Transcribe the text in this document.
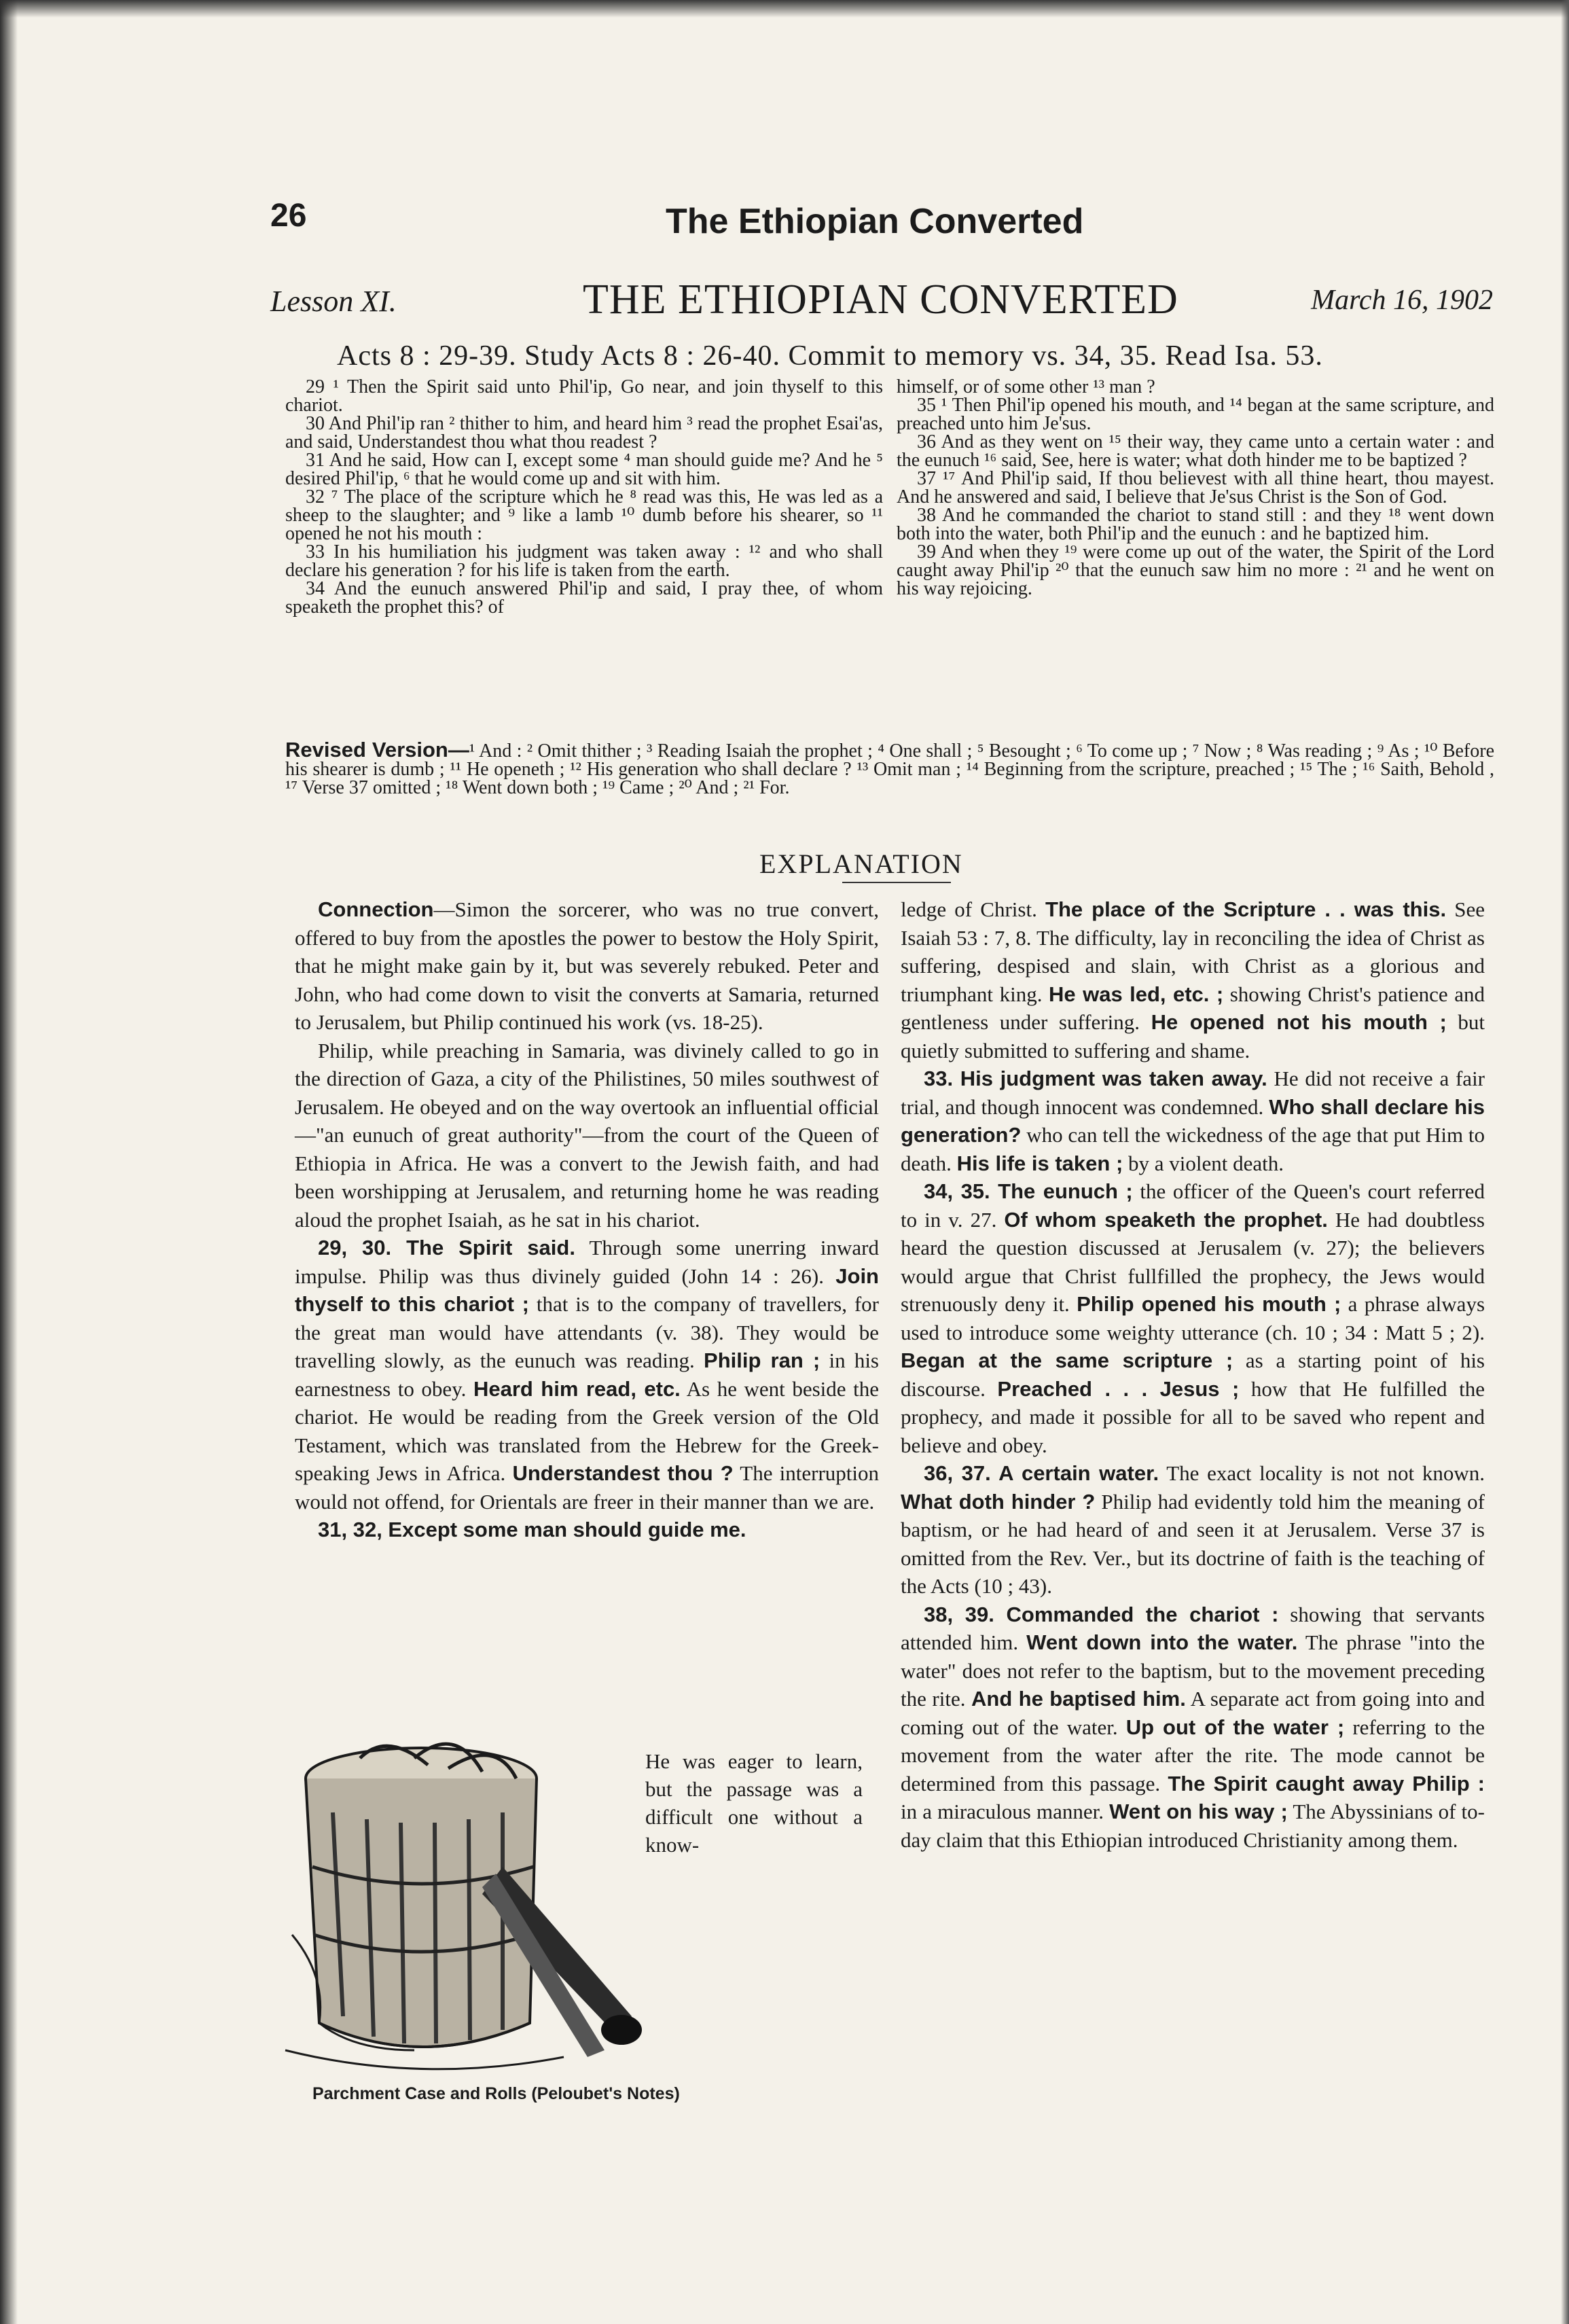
26	The Ethiopian Converted
Lesson XI.	THE ETHIOPIAN CONVERTED	March 16, 1902
Acts 8 : 29-39. Study Acts 8 : 26-40. Commit to memory vs. 34, 35. Read Isa. 53.

29 ¹ Then the Spirit said unto Phil'ip, Go near, and join thyself to this chariot.

30 And Phil'ip ran ² thither to him, and heard him ³ read the prophet Esai'as, and said, Understandest thou what thou readest ?

31 And he said, How can I, except some ⁴ man should guide me? And he ⁵ desired Phil'ip, ⁶ that he would come up and sit with him.

32 ⁷ The place of the scripture which he ⁸ read was this, He was led as a sheep to the slaughter; and ⁹ like a lamb ¹⁰ dumb before his shearer, so ¹¹ opened he not his mouth :

33 In his humiliation his judgment was taken away : ¹² and who shall declare his generation ? for his life is taken from the earth.

34 And the eunuch answered Phil'ip and said, I pray thee, of whom speaketh the prophet this? of

himself, or of some other ¹³ man ?

35 ¹ Then Phil'ip opened his mouth, and ¹⁴ began at the same scripture, and preached unto him Je'sus.

36 And as they went on ¹⁵ their way, they came unto a certain water : and the eunuch ¹⁶ said, See, here is water; what doth hinder me to be baptized ?

37 ¹⁷ And Phil'ip said, If thou believest with all thine heart, thou mayest. And he answered and said, I believe that Je'sus Christ is the Son of God.

38 And he commanded the chariot to stand still : and they ¹⁸ went down both into the water, both Phil'ip and the eunuch : and he baptized him.

39 And when they ¹⁹ were come up out of the water, the Spirit of the Lord caught away Phil'ip ²⁰ that the eunuch saw him no more : ²¹ and he went on his way rejoicing.

Revised Version—¹ And : ² Omit thither ; ³ Reading Isaiah the prophet ; ⁴ One shall ; ⁵ Besought ; ⁶ To come up ; ⁷ Now ; ⁸ Was reading ; ⁹ As ; ¹⁰ Before his shearer is dumb ; ¹¹ He openeth ; ¹² His generation who shall declare ? ¹³ Omit man ; ¹⁴ Beginning from the scripture, preached ; ¹⁵ The ; ¹⁶ Saith, Behold , ¹⁷ Verse 37 omitted ; ¹⁸ Went down both ; ¹⁹ Came ; ²⁰ And ; ²¹ For.
EXPLANATION

Connection—Simon the sorcerer, who was no true convert, offered to buy from the apostles the power to bestow the Holy Spirit, that he might make gain by it, but was severely rebuked. Peter and John, who had come down to visit the converts at Samaria, returned to Jerusalem, but Philip continued his work (vs. 18-25).

Philip, while preaching in Samaria, was divinely called to go in the direction of Gaza, a city of the Philistines, 50 miles southwest of Jerusalem. He obeyed and on the way overtook an influential official—"an eunuch of great authority"—from the court of the Queen of Ethiopia in Africa. He was a convert to the Jewish faith, and had been worshipping at Jerusalem, and returning home he was reading aloud the prophet Isaiah, as he sat in his chariot.

29, 30. The Spirit said. Through some unerring inward impulse. Philip was thus divinely guided (John 14 : 26). Join thyself to this chariot ; that is to the company of travellers, for the great man would have attendants (v. 38). They would be travelling slowly, as the eunuch was reading. Philip ran ; in his earnestness to obey. Heard him read, etc. As he went beside the chariot. He would be reading from the Greek version of the Old Testament, which was translated from the Hebrew for the Greek-speaking Jews in Africa. Understandest thou ? The interruption would not offend, for Orientals are freer in their manner than we are.

31, 32, Except some man should guide me.

He was eager to learn, but the passage was a difficult one without a know-
Parchment Case and Rolls (Peloubet's Notes)

ledge of Christ. The place of the Scripture . . was this. See Isaiah 53 : 7, 8. The difficulty, lay in reconciling the idea of Christ as suffering, despised and slain, with Christ as a glorious and triumphant king. He was led, etc. ; showing Christ's patience and gentleness under suffering. He opened not his mouth ; but quietly submitted to suffering and shame.

33. His judgment was taken away. He did not receive a fair trial, and though innocent was condemned. Who shall declare his generation? who can tell the wickedness of the age that put Him to death. His life is taken ; by a violent death.

34, 35. The eunuch ; the officer of the Queen's court referred to in v. 27. Of whom speaketh the prophet. He had doubtless heard the question discussed at Jerusalem (v. 27); the believers would argue that Christ fullfilled the prophecy, the Jews would strenuously deny it. Philip opened his mouth ; a phrase always used to introduce some weighty utterance (ch. 10 ; 34 : Matt 5 ; 2). Began at the same scripture ; as a starting point of his discourse. Preached . . . Jesus ; how that He fulfilled the prophecy, and made it possible for all to be saved who repent and believe and obey.

36, 37. A certain water. The exact locality is not not known. What doth hinder ? Philip had evidently told him the meaning of baptism, or he had heard of and seen it at Jerusalem. Verse 37 is omitted from the Rev. Ver., but its doctrine of faith is the teaching of the Acts (10 ; 43).

38, 39. Commanded the chariot : showing that servants attended him. Went down into the water. The phrase "into the water" does not refer to the baptism, but to the movement preceding the rite. And he baptised him. A separate act from going into and coming out of the water. Up out of the water ; referring to the movement from the water after the rite. The mode cannot be determined from this passage. The Spirit caught away Philip : in a miraculous manner. Went on his way ; The Abyssinians of to-day claim that this Ethiopian introduced Christianity among them.
